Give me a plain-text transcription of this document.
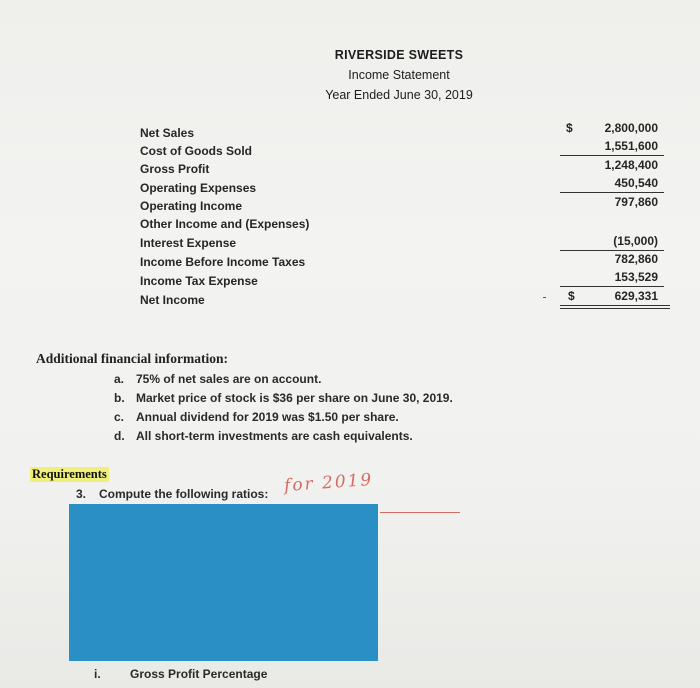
RIVERSIDE SWEETS
Income Statement
Year Ended June 30, 2019
Net Sales
Cost of Goods Sold
Gross Profit
Operating Expenses
Operating Income
Other Income and (Expenses)
Interest Expense
Income Before Income Taxes
Income Tax Expense
Net Income
$	2,800,000
1,551,600
1,248,400
450,540
797,860
(15,000)
782,860
153,529
$	629,331
Additional financial information:
a. 75% of net sales are on account.
b. Market price of stock is $36 per share on June 30, 2019.
c. Annual dividend for 2019 was $1.50 per share.
d. All short-term investments are cash equivalents.
Requirements
3. Compute the following ratios: for 2019
i. Gross Profit Percentage
